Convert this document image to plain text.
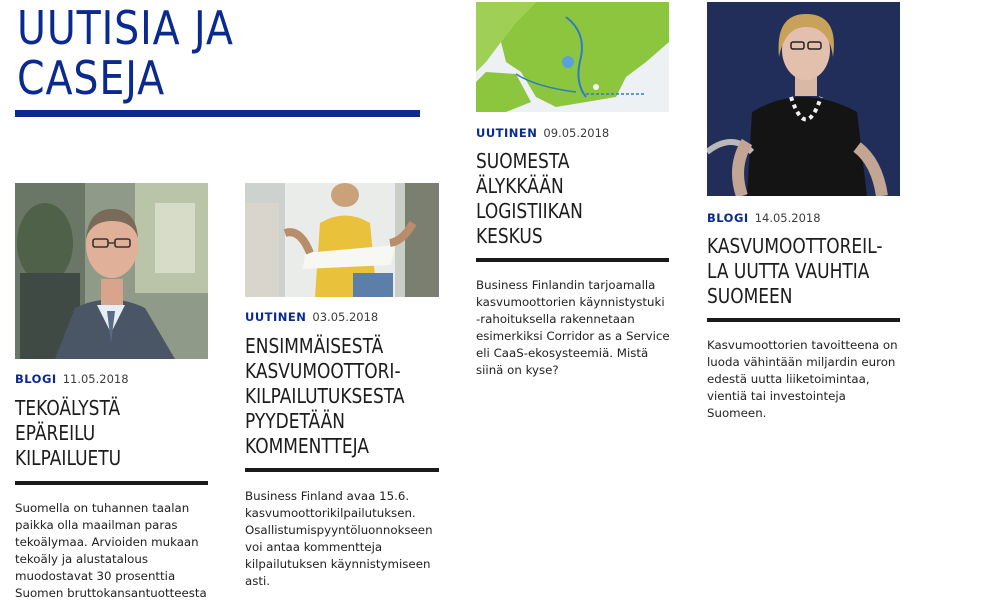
UUTISIA JA
CASEJA
BLOGI 11.05.2018
TEKOÄLYSTÄ
EPÄREILU
KILPAILUETU

Suomella on tuhannen taalan
paikka olla maailman paras
tekoälymaa. Arvioiden mukaan
tekoäly ja alustatalous
muodostavat 30 prosenttia
Suomen bruttokansantuotteesta

UUTINEN 03.05.2018
ENSIMMÄISESTÄ
KASVUMOOTTORI-
KILPAILUTUKSESTA
PYYDETÄÄN
KOMMENTTEJA

Business Finland avaa 15.6.
kasvumoottorikilpailutuksen.
Osallistumispyyntöluonnokseen
voi antaa kommentteja
kilpailutuksen käynnistymiseen
asti.

UUTINEN 09.05.2018
SUOMESTA
ÄLYKKÄÄN
LOGISTIIKAN
KESKUS

Business Finlandin tarjoamalla
kasvumoottorien käynnistystuki
-rahoituksella rakennetaan
esimerkiksi Corridor as a Service
eli CaaS-ekosysteemiä. Mistä
siinä on kyse?

BLOGI 14.05.2018
KASVUMOOTTOREIL-
LA UUTTA VAUHTIA
SUOMEEN

Kasvumoottorien tavoitteena on
luoda vähintään miljardin euron
edestä uutta liiketoimintaa,
vientiä tai investointeja
Suomeen.
